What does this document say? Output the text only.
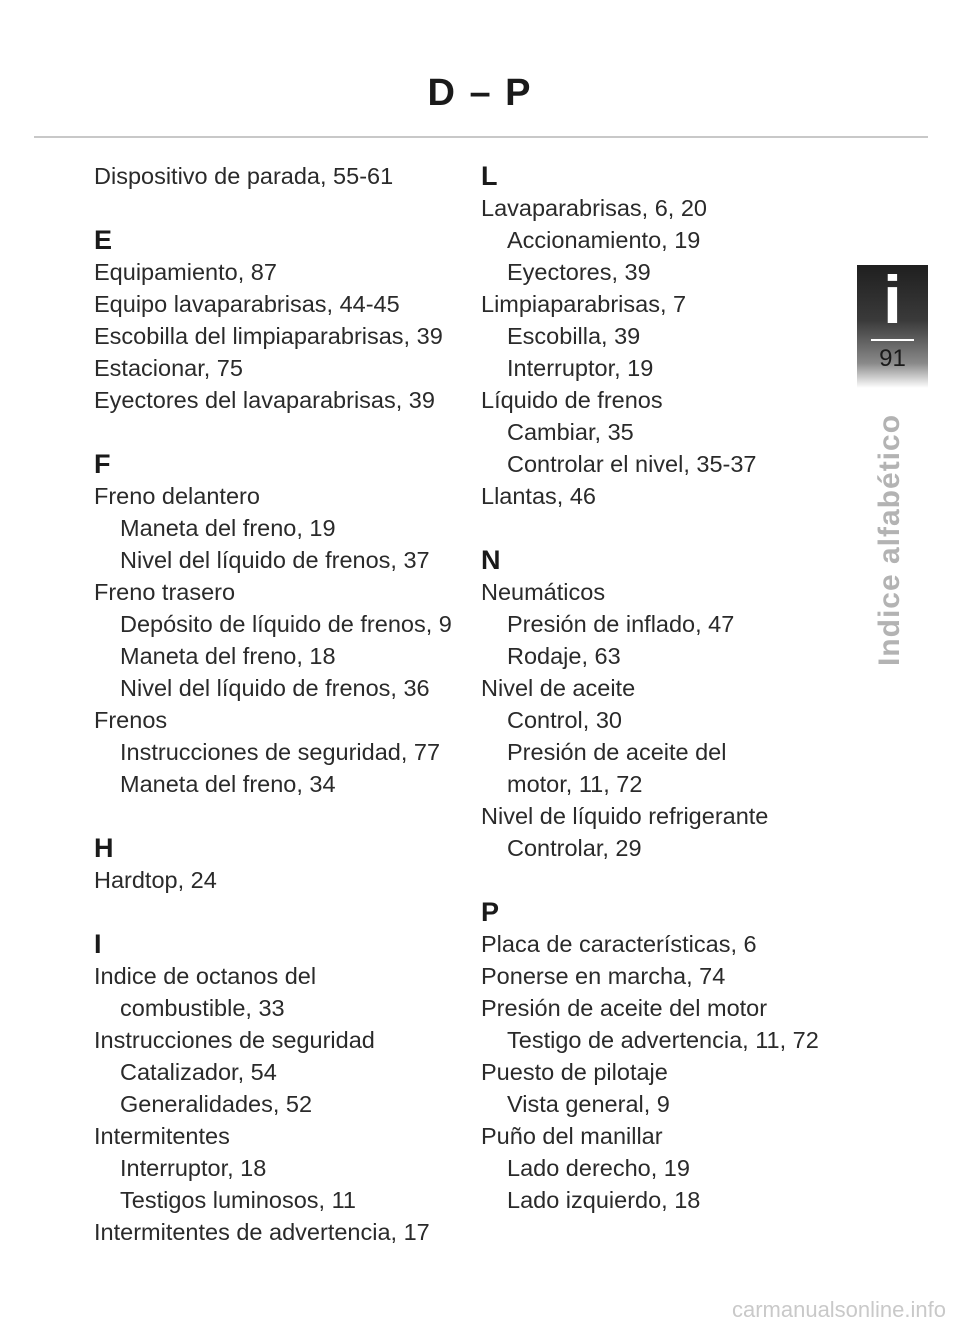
D – P
Dispositivo de parada, 55-61
E
Equipamiento, 87
Equipo lavaparabrisas, 44-45
Escobilla del limpiaparabrisas, 39
Estacionar, 75
Eyectores del lavaparabrisas, 39
F
Freno delantero
Maneta del freno, 19
Nivel del líquido de frenos, 37
Freno trasero
Depósito de líquido de frenos, 9
Maneta del freno, 18
Nivel del líquido de frenos, 36
Frenos
Instrucciones de seguridad, 77
Maneta del freno, 34
H
Hardtop, 24
I
Indice de octanos del
combustible, 33
Instrucciones de seguridad
Catalizador, 54
Generalidades, 52
Intermitentes
Interruptor, 18
Testigos luminosos, 11
Intermitentes de advertencia, 17
L
Lavaparabrisas, 6, 20
Accionamiento, 19
Eyectores, 39
Limpiaparabrisas, 7
Escobilla, 39
Interruptor, 19
Líquido de frenos
Cambiar, 35
Controlar el nivel, 35-37
Llantas, 46
N
Neumáticos
Presión de inflado, 47
Rodaje, 63
Nivel de aceite
Control, 30
Presión de aceite del
motor, 11, 72
Nivel de líquido refrigerante
Controlar, 29
P
Placa de características, 6
Ponerse en marcha, 74
Presión de aceite del motor
Testigo de advertencia, 11, 72
Puesto de pilotaje
Vista general, 9
Puño del manillar
Lado derecho, 19
Lado izquierdo, 18
i
91
Indice alfabético
carmanualsonline.info
